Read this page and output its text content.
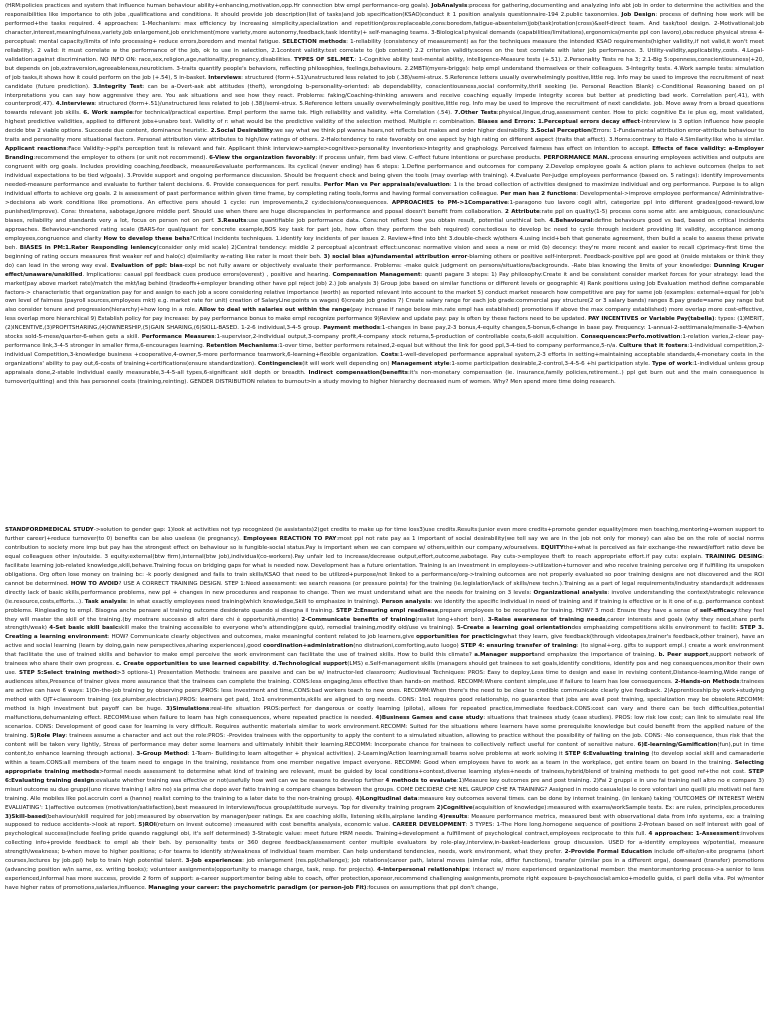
(HRM:policies practices and system that influence human behaviour ability+enhancing,motivation,opp.Hr connection btw empl performance-org goals). JobAnalysis:process for gathering,documenting and analyzing info abt job in order to determine the activities and the responsibilities like importance to oth jobs ,qualifications and conditions. It should provide job description(list of tasks)and job specification(KSAO)conduct it 1 position analysis questionnaire-194 2.public taxonomies. Job Design: process of defining how work will be performed+the tasks required. 4 approaches: 1-Mechanism: max efficiency by increasing simplicity,specialization and repetition(pros:replaceable,cons:boredom,fatigue-absenteism)job(task)rotation(cross)&self-direct team. And task/tool design. 2-Motivational:job character,interest,meaningfulness,variety,job enlargement,job enrichment(more variety,more autonomy,feedback,task identity)+ self-managing teams. 3-Biological:physical demands (capabilities/limitations),ergonomics(mente ppl con lavoro),obs:reduce physical stress 4-perceptual: mental capacity/limits of info processing+ reduce errors,boredom and mental fatigue. SELECTION methods: 1-reliability (consistency of measurement) as for the techniques measure the intended KSAO requirements(higher validity,if not valid,it won't meet reliability). 2 valid: it must correlate w the performance of the job, ok to use in selection, 2.1content validity:test correlate to (job content) 2.2 criterion validity:scores on the test correlate with later job performance. 3. Utility-validity,applicability,costs. 4.Legal-validation:against discrimination. NO INFO ON: race,sex,religion,age,nationality,pregnancy,disabilities. TYPES OF SEL.MET.: 1-Cognitive ability test-mental ability, intelligence-Measure tests (+.51). 2.Personality Tests re ha 3; 2.1-Big 5:openness,conscientiousness(+20, but depends on job,extraversion,agreeableness,neuroticism. 3-traits quantify people's behaviors, reflecting philosophies, feelings,behaviours. 2.2MBTI(myers-briggs): help empl understand themselves or their colleagues. 3-Integrity tests. 4.Work sample tests: simulation of job tasks,it shows how it could perform on the job (+.54), 5 in-basket. Interviews: structured (form+.51)/unstructured less related to job (.38)/semi-strux. 5.Reference letters usually overwhelmingly positive,little reg. Info may be used to improve the recruitment of next candidate (future prediction). 3.Integrity Test: can be a-Overt-ask abt attitudes (theft), wrongdoing b-personality-oriented: ab dependability, conscientiousness,social conformity,thrill seeking (ie. Personal Reaction Blank) c-Conditional Reasoning based on pl interpretations you can say how aggressive they are. You ask situations and see how they react. Problems: faking/Coaching-thinking answers and receive coaching equally impede integrity scores but better at predicting bad work. Correlation per(.41), with counterprod(.47). 4.Interviews: structured (form+.51)/unstructured less related to job (.38)/semi-strux. 5.Reference letters usually overwhelmingly positive,little reg. Info may be used to improve the recruitment of next candidate. job. Move away from a broad questions towards relevant job skills. 6. Work sample:for technical/practical expertise. Empl perform the same tsk. High reliability and validity. +Ha Correlation (.54). 7.Other Tests:physical,lingue,drug,assessment center. How to pick: cognitive Ex ie plus eg, most validated, highest predictive validities, applied to different jobs+unabro test. Validity of r: what would be the predictive validity of the selection method. Multiple r: combination. Biases and Errors: 1.Perceptual errors decay effect-intrerview is 3 option influence how people decide btw 2 viable options. Succeede due content, dominance heuristic. 2.Social Desirability:we say what we think ppl wanna hears,not reflects but makes and order higher desirability. 3.Social Perception(Errors: 1-Fundamental attribution error-attribute behaviour to traits and personality more situational factors. Personal attribution view attributes to high/low ratings of others. 2-Halo:tendency to rate favorably on one aspect by high rating on different aspect (traits that affect). 3.Horns:contrary to Halo 4.Similarity:like who is similar. Applicant reactions:Face Validity->ppl's perception test is relevant and fair. Applicant think interview>sample>cognitive>personality inventories>integrity and graphology. Perceived fairness has effect on intention to accept. Effects of face validity: a-Employer Branding:recommend the employer to others (or unit not recommend). 6-View the organization favorably: if process unfair, firm bad view. C-effect future intentions or purchase products. PERFORMANCE MAN.:process ensuring employees activities and outputs are congruent with org goals. Includes providing coaching,feedback, measure&evaluate performances. Its cyclical (never ending) has 6 steps: 1.Define performance and outcomes for company 2.Develop employee goals & action plans to achieve outcomes (helps to set individual expectations to be tied w/goals). 3.Provide support and ongoing performance discussion. Should be frequent check and being given the tools (may overlap with training). 4.Evaluate Per-judge employees performance (based on. 5 ratings): identify improvements needed-measure performance and evaluate to further talent decisions. 6. Provide consequences for perf. results. Perfor Man vs Per appraisals/evaluation: 1 is the broad collection of activities designed to maximize individual and org performance. Purpose is to align individual efforts to achieve org goals. 2 is assessment of past performance within given time frame, by completing rating tools,forms and having formal conversation colleague. Per man has 2 functions: Developmental->improve employee performance/ Administrative->decisions ab work conditions like promotions. An effective pers should 1 cycle: run improvements,2 cy:decisions/consequences. APPROACHES to PM->1Comparative:1-paragono tuo lavoro cogli altri, categorize ppl into different grades(good-reward,low punished/improve). Cons: threatens, sabotage,ignore middle perf. Should use when there are huge discrepancies in performance and pposal doesn't benefit from collaboration. 2 Attribute:rate ppl on quality(1-5) process cons some attr. are ambiguous, conscious/unc biases, reliability and standards very a lot, focus on person not on perf. 3.Results:use quantifiable job performance data. Cons:not reflect how you obtain result, potential unethical beh. 4.Behavioural:define behaviours good vs bad, based on critical incidents approaches. Behaviour-anchored rating scale (BARS-for qual/quant for concrete example,BOS key task for part job, how often they perform the beh required) cons:tedious to develop bc need to cycle through incident providing lit validity, acceptance among employees,congruence and clarity How to develop these behs?Critical incidents techniques. 1.identify key incidents of per issues 2. Review+find into bht 3.double-check w/others 4.using incid+beh that generate agreement, then build a scale to assess these private beh. BIASES in PM:1.Rater Responding leniency(consider only mid scale) 2)Central tendency: middle 2 perceptual a)contrast effect:unconsc normative vision and sees a new or mid (b) decency: they're more recent and easier to recall c)primacy-first time the beginning of rating occurs measures first weaker ref and halo(c) d)similarity w-rating like rater is most their beh. 3) social bias a)fundamental attribution error-blaming others or positive self-interpret. Feedback-positive ppl are good at (inside mistakes or think they do) can lead in the wrong way eval. Evaluation of ppl: bias-expl bc not fully aware or objectively evaluate their performance. Problems: -make quick judgment on persons/situations/backgrounds. -Rate bias knowing the limits of your knowledge: Dunning Kruger effect/unaware/unskilled. Implications: casual ppl feedback cues produce errors(overest) , positive and hearing. Compensation Management: quanti pagare 3 steps: 1) Pay philosophy:Create it and be consistent consider market forces for your strategy: lead the market(pay above market rate)/match the mkt/lag behind (tradeoffs+employer branding other have ppl reject job) 2.) Job analysis 3) Group jobs based on similar functions or different levels or geographic 4) Rank positions using Job Evaluation method define comparable factors-> characteristic that organization pay for and assign to each job a score considering relative importance (worth) as reported relevant into account to the market 5) conduct market research how competitive are pay for same job (examples: external+equal for job's own level of fairness (payroll sources,employees mkt) e.g. market rate for unit) creation of SalaryLine:points vs wages) 6)create job grades 7) Create salary range for each job grade:commercial pay structure(2 or 3 salary bands) ranges 8.pay grade=same pay range but also consider tenure and progression(hierarchy)+how long in a role. Allow to deal with salaries out within the range(pay increase if range below min.rate empl has established) promotions if above the max company established) more overlap more cost-effective, less overlap more hierarchical 9) Establish policy for pay increase: by pay performance bonus to make empl recognize performance 9)Review and update pay: pay is often by these factors need to be updated. PAY INCENTIVES or Variable Pay(tabella): types: (1)MERIT,(2)INCENTIVE,(3)PROFITSHARING,(4)OWNERSHIP,(5)GAIN SHARING,(6)SKILL-BASED. 1-2-6 individual,3-4-5 group. Payment methods:1-changes in base pay,2-3 bonus,4-equity changes,5-bonus,6-change in base pay. Frequency: 1-annual-2-settimanale/mensile-3-4/when stocks sold-5-mese/quarter-6-when gets a skill. Performance Measures:1-supervisor,2-individual output,3-company profit,4-company stock returns,5-production of controllable costs,6-skill acquisition. Consequences:Perfo.motivation:1-relation varies,2-clear pay-performance link,3-4-5 stronger in smaller firms,6-encourages learning. Retention Mechanisms:1-over time, better performers retained,2-equal but without the link for good ppl,3-4-tied to company performance,5-n/a. Culture that it fosters:1-individual competition,2-individual Competition,3-knowledge business +cooperative,4-owner,5-more performance teamwork,6-learning+flexible organization. Costs:1-well-developed performance appraisal system,2-3 efforts in setting+maintaining acceptable standards,4-monetary costs in the organizations' ability to pay out,6-costs of training+certifications(ensure standardization). Contingencies(it will work well depending on) Management style:1-some participation desirable,2-control,3-4-5-6 +hi participation style. Type of work:1-individual unless group appraisals done,2-stable individual easily measurable,3-4-5-all types,6-significant skill depth or breadth. Indirect compensation(benefits:it's non-monetary compensation (ie. insurance,family policies,retirement..) ppl get burn out and the main consequence is turnover(quitting) and this has personnel costs (training,reinting). GENDER DISTRIBUTION relates to burnout>in a study moving to higher hierarchy decreased num of women. Why? Men spend more time doing research.

STANDFORDMEDICAL STUDY->solution to gender gap: 1)look at activities not typ recognized (ie assistants)2)get credits to make up for time loss3)use credits.Results:junior even more credits+promote gender equality(more men teaching,mentoring+women support to further career)+reduce turnover(to 0) benefits can be also useless (ie pregnancy). Employees REACTION TO PAY:most ppl not rate pay as 1 important of social desirability(we tell say we are in the job not only for money) can also be on the role of social norms contribution to society more imp but pay has the strongest effect on behaviour so is fungible-social status.Pay is important when we can compare w/ others,within our company,w/ourselves. EQUITYthe+what is perceived as fair exchange-the reward/effort ratio deve be equal colleagues other in/outside. 3 equity:external(btw firm),internal(btw job),individual(co-workers).Pay unfair led to increase/decrease output,effort,outcome,sabotage. Pay cuts->employee theft to reach appropriate effort.if pay cuts: explain. TRAINING DESING: facilitate learning job-related knowledge,skill,behave.Training focus on bridging gaps for what is needed now. Development has a future orientation. Training is an investment in employees->utilization+turnover and who receive training perceive org if fulfilling its unspoken obligations. Org often lose money on training bc: -k poorly designed and fails to train skills/KSAO that need to be utilized+purpose/not linked to a performance/org->training outcomes are not properly evaluated so poor training designs are not discovered and the ROI cannot be determined. HOW TO AVOID? USE A CORRECT TRAINING DESIGN. STEP 1:Need assessment: we search reasons (or pressure points) for the training (ie.legislation/lack of skills/new techn.).Training as a part of legal requirements/industry standards;it addresses directly lack of basic skills,performance problems, new ppl + changes in new procedures and response to change. Then we must understand what are the needs for training on 3 levels: Organizational analysis: involve understanding the context/strategic relevance (ie.resource,costs,efforts...). Task analysis: in what exactly employees need training(which knowledge,Skill to emphasize in training). Person analysis: we identify the specific individual in need of training and if training is effective or is it one of e.g. performance context problems. Ringleading to empl. Bisogna anche pensare al training outcome desiderato quando si disegna il training. STEP 2:Ensuring empl readiness,prepare employees to be receptive for training. HOW? 3 mod: Ensure they have a sense of self-efficacy:they feel they will master the skill of the training.(by mostrare successo di altri dare chi è opportunità,mentio) 2-Communicate benefits of training(realist long+short ben). 3-Raise awareness of training needs,career interests and goals (why they need,share perfs strength/weak) 4-Set basic skill basicskill make the training accessible to everyone who's attending(pre quiz), remedial training,modify old/use vs training). 5-Create a learning goal orientationdes emphasizing competitions skills environment to facilit: STEP 3. Creating a learning environment: HOW? Communicate clearly objectives and outcomes, make meaningful content related to job learners,give opportunities for practicingwhat they learn, give feedback(through videotapes,trainer's feedback,other trainer), have an active and social learning (learn by doing,gain new perspectives,sharing experiences),good coordination+administration(no distrazioni,comforting,auto luogo) STEP 4: ensuring transfer of training: (to signal+org. gifts to support empl.) create a work environment that facilitate the use of trained skills and behavior to make empl perceive the work environment can facilitate the use of trained skills. How to build this climate? a.Manager supportand emphasize the importance of training. b. Peer support,support network of trainees who share their own progress. c. Create opportunities to use learned capability. d.Technological support(LMS) e.Self-management skills (managers should get trainees to set goals,identify conditions, identify pos and neg consequences,monitor their own use. STEP 5:Select training method>3 options-1) Presentation Methods: trainees are passive and can be w/ instructor-led classroom; Audiovisual Techniques: PROS: Easy to deploy,Less time to design and ease in revising content,Distance-learning,Wide range of audiences sites,Presence of trainer gives more assurance that the trainees can complete the training. CONS:less engaging,less effective than hands-on method. RECOMM:Where content simple,use if failure to learn has low consequences. 2-Hands-on Methods:trainees are active can have 6 ways: 1)On-the-job training by observing peers,PROS: less investment and time,CONS:bad workers teach to new ones. RECOMM:When there's the need to be clear to credible communicate clearly give feedback. 2)Apprenticeship:by work+studying method with OJT+classroom training (ex.plumber,electrician).PROS: learners get paid, 1to1 environments,skills are aligned to org needs. CONS: 1to1 requires good relationship, no guarantee that jobs are avail post training, specialization may be obsolete.RECOMM: method is high investment but payoff can be huge. 3)Simulations:real-life situation PROS:perfect for dangerous or costly learning (pilota), allows for repeated practice,immediate feedback.CONS:cost can vary and there can be tech difficulties,potential malfunctions,dehumanizing effect. RECOMM:use when failure to learn has high consequences, where repeated practice is needed. 4)Business Games and case study: situations that trainees study (case studies). PROS: low risk low cost; can link to simulate real life scenarios. CONS: Development of good case for learning is very difficult. Requires authentic materials similar to work environment.RECOMM: Suited for the situations where learners have some prerequisite knowledge but could benefit from the applied nature of the training. 5)Role Play: trainees assume a character and act out the role:PROS: -Provides trainees with the opportunity to apply the content to a simulated situation, allowing to practice without the possibility of failing on the job. CONS: -No consequence, thus risk that the content will be taken very lightly, Stress of performance may deter some learners and ultimately inhibit their learning.RECOMM: Incorporate chance for trainees to collectively reflect useful for content of sensitive nature. 6)E-learning/Gamification(fun),put in time content,to enhance learning through actions). 3-Group Method: 1-Team- Building:to learn altogether + physical activities). 2-Learning/Action learning:small teams solve problems at work solving it STEP 6:Evaluating training (to develop social skill and camaraderie within a team.CONS:all members of the team need to engage in the training, resistance from one member negative impact everyone. RECOMM: Good when employees have to work as a team in the workplace, get entire team on board in the training. Selecting appropriate training methods>formal needs assessment to determine what kind of training are relevant, must be guided by local conditions+context,diverse learning styles+needs of trainees,hybrid/blend of training methods to get good ref+the not cost. STEP 6:Evaluating training design:evaluate whether training was effective or not(usefully how well can we be reasons to develop further 4 methods to evaluate:1)Measure key outcomes pre and post training. 2)Fai 2 gruppi e in uno fai training nell altro no e compare 3) misuri outcome su due gruppi(uno riceve training l altro no) sia prima che dopo aver fatto training e compare changes between the groups. COME DECIDERE CHE NEL GRUPOP CHE FA TRAINING? Assigned in modo casuale(se lo core volontari uno quelli piu motivati nel fare training. Alle mobiles like pol.accruin corri a (hanno) realist coming to the training to a later date to the non-training group). 4)Longitudinal data:measure key outcomes several times. can be done by internet training. (in lenkan) taking 'OUTCOMES OF INTEREST WHEN EVALUATING': 1)affective outcomes (motivation/satisfaction),best measured in interviews/focus group/attitude surveys. Top for diversity training program 2)Cognitive(acquisition of knowledge):measured with exams/workSample tests. Ex: are rules, principles,procedures 3)Skill-based(behaviour/skill required for job):measured by observation by manager/peer ratings. Ex are coaching skills, listening skills,airplane landing 4)results: Measure performance metrics, measured best with observational data from info systems, ex: a training supposed to reduce accidents->look at report. 5)ROI(return on invest outcome) :measured with cost benefits analysis, economic value. CAREER DEVELOPMENT: 3 TYPES: 1-The Hore long.homogene sequence of positions 2-Protean based on self interest with goal of psychological success(include feeling pride quando raggiungi obi, it's self determined) 3-Strategic value: meet future HRM needs. Training+development a fulfillment of psychological contract,employees reciprocate to this full. 4 approaches: 1-Assessment:involves collecting info+provide feedback to empl ab their beh. by personality tests or 360 degree feedback/assessment center multiple evaluators by role-play,interview,in-basket-leaderless group discussion. USED for a-identify employees w/potential, measure strength/weakness; b-when move to higher positions; c-for teams to identify str/weakness of individual team member. Can help understand tendencies, needs, work environment, what they prefer. 2-Provide Formal Education include off-site/on-site programs (short courses,lectures by job.ppl) help to train high potential talent. 3-Job experiences: job enlargement (res.ppl/challenge); job rotations(career path, lateral moves (similar role, differ functions), transfer (similar pos in a different orga), downward (transfer) promotions (advancing position w/in same, ex. writing books); volunteer assignments(opportunity to manage charge, task, resp. for projects). 4-interpersonal relationships: interact w/ more experienced organizational member: the mentor:mentoring process->a senior to less experienced,informal has more success, provide 2 form of support: a-career support:mentor being able to coach, offer protection,sponsor,recommend challenging assignments,promote right exposure b-psychosocial:amico+modello guida, ci parli della vita. Poi w/mentor have higher rates of promotions,salaries,influence. Managing your career: the psychometric paradigm (or person-job Fit):focuses on assumptions that ppl don't change,
